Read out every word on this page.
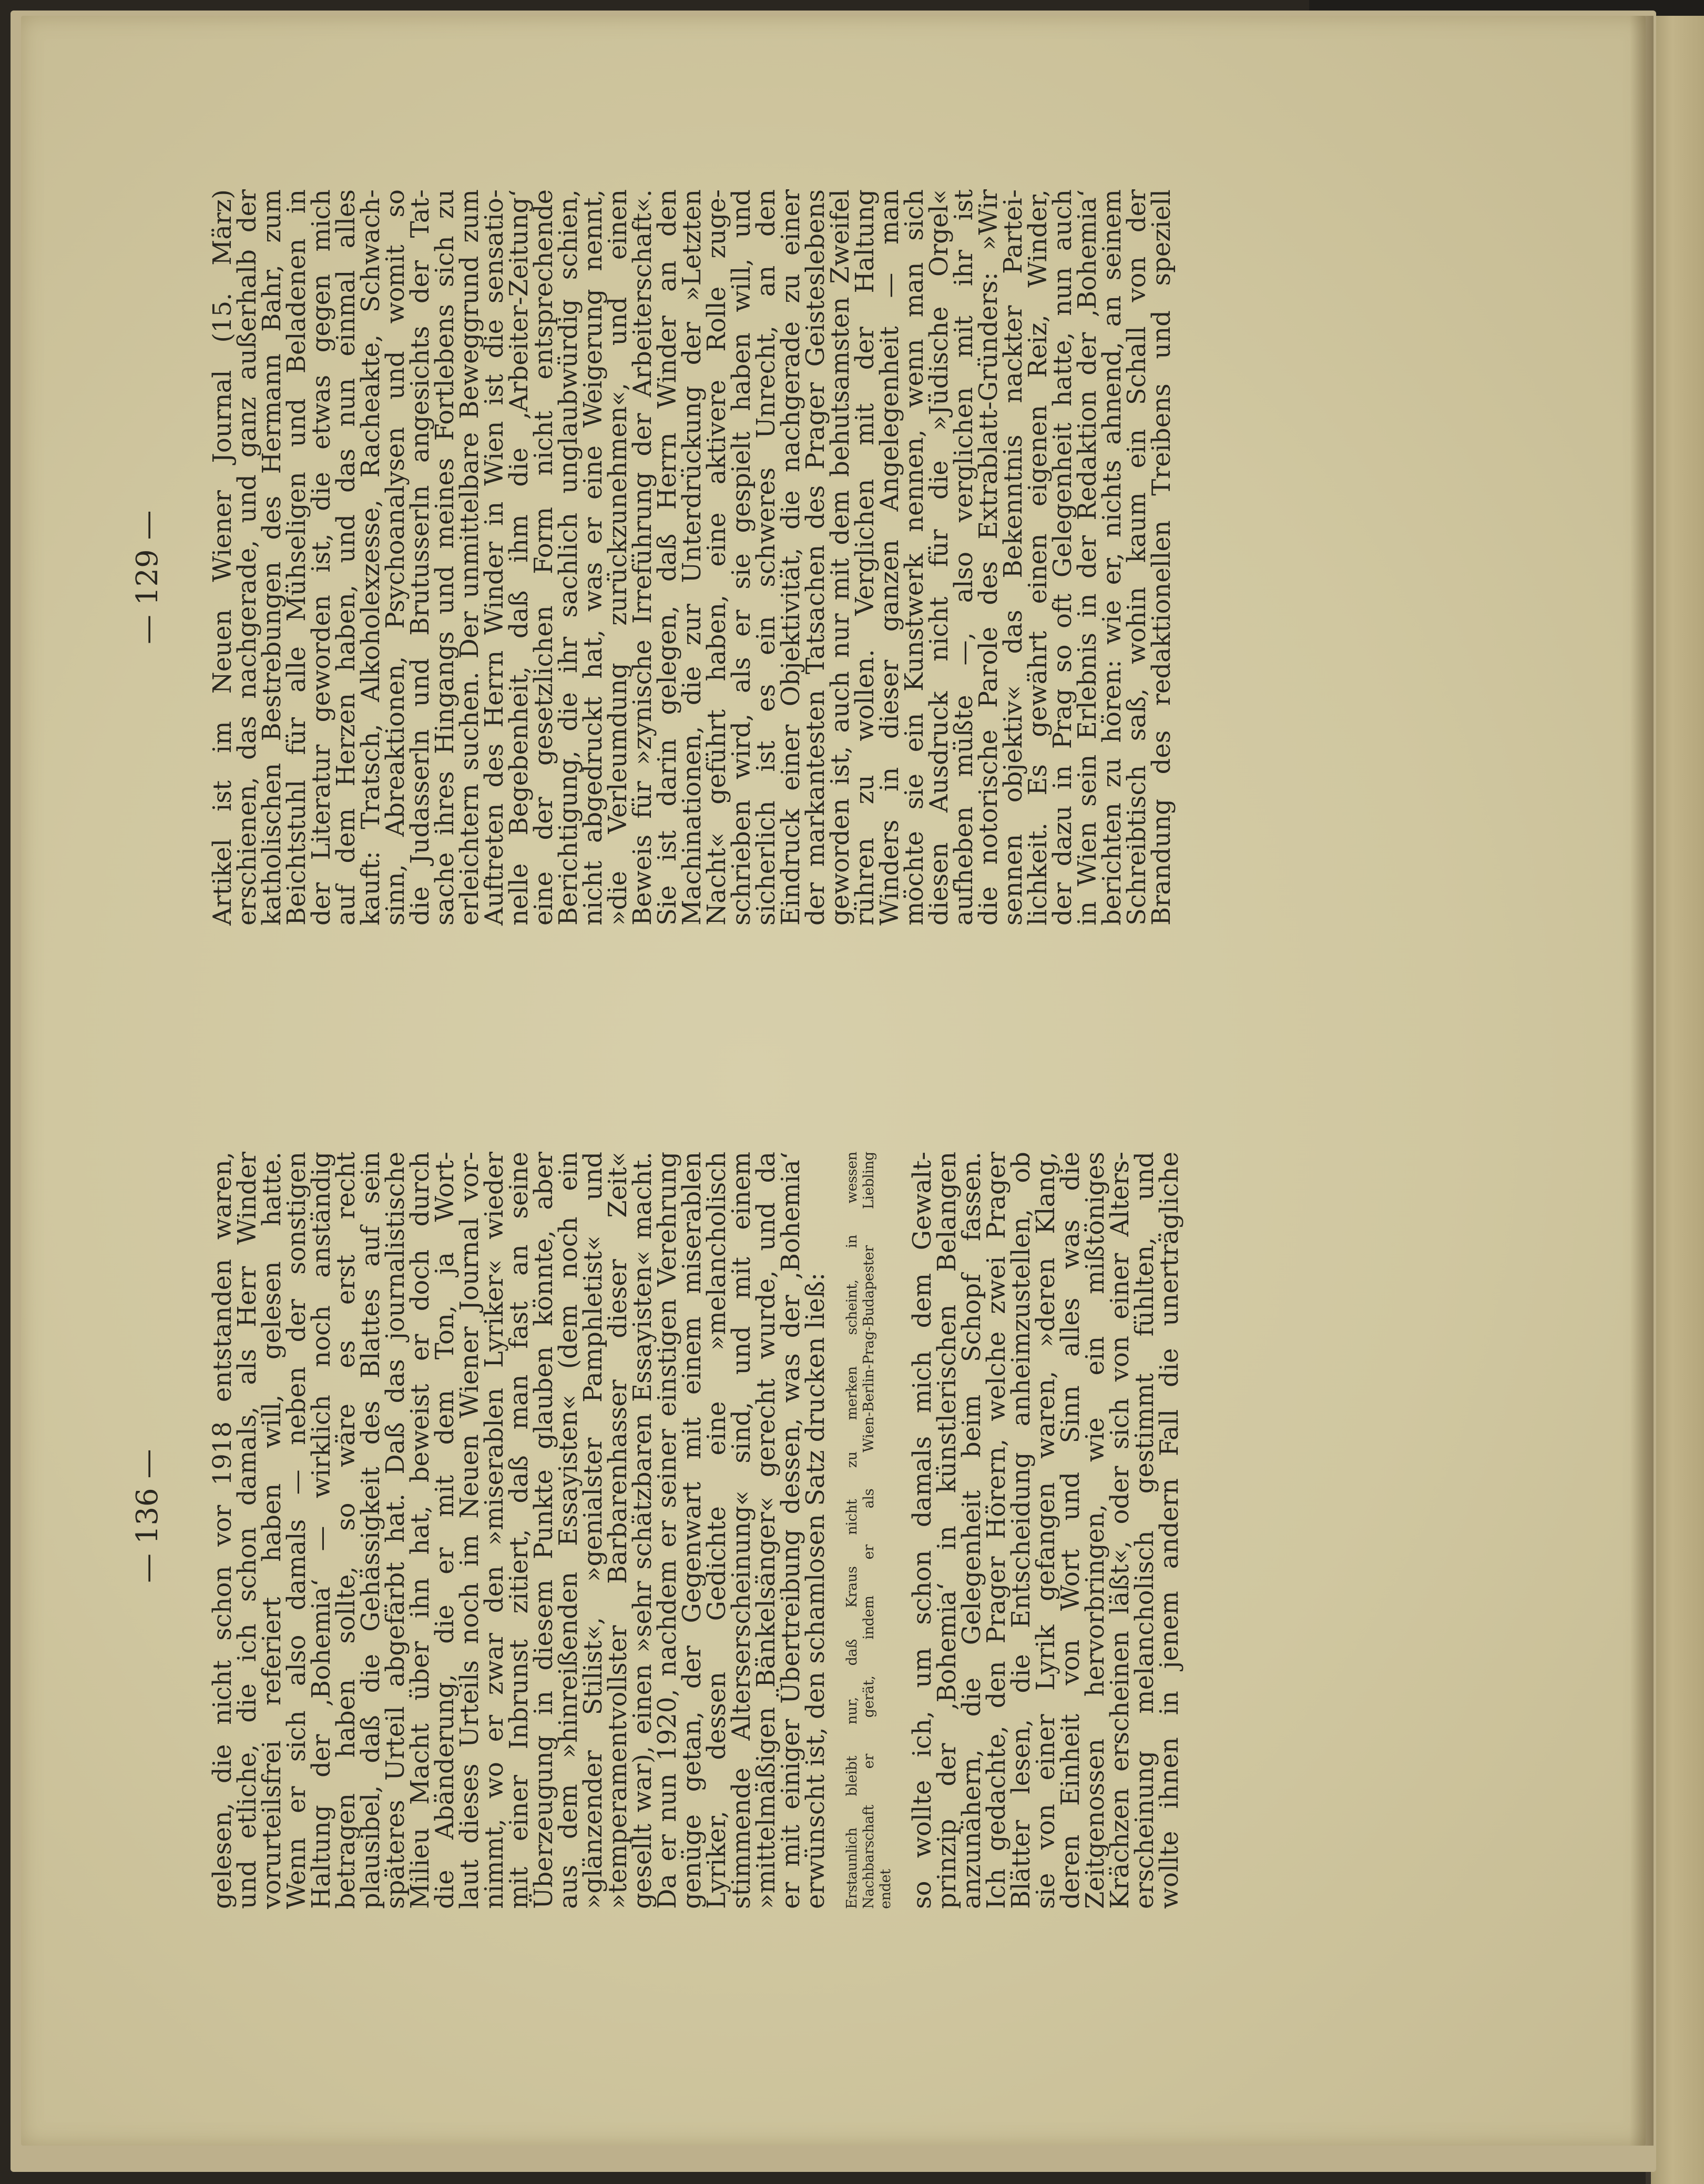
— 136 —
— 129 —
gelesen, die nicht schon vor 1918 entstanden waren,
und etliche, die ich schon damals, als Herr Winder
vorurteilsfrei referiert haben will, gelesen hatte.
Wenn er sich also damals — neben der sonstigen
Haltung der ‚Bohemia‘ — wirklich noch anständig
betragen haben sollte, so wäre es erst recht
plausibel, daß die Gehässigkeit des Blattes auf sein
späteres Urteil abgefärbt hat. Daß das journalistische
Milieu Macht über ihn hat, beweist er doch durch
die Abänderung, die er mit dem Ton, ja Wort-
laut dieses Urteils noch im Neuen Wiener Journal vor-
nimmt, wo er zwar den »miserablen Lyriker« wieder
mit einer Inbrunst zitiert, daß man fast an seine
Überzeugung in diesem Punkte glauben könnte, aber
aus dem »hinreißenden Essayisten« (dem noch ein
»glänzender Stilist«, »genialster Pamphletist« und
»temperamentvollster Barbarenhasser dieser Zeit«
gesellt war), einen »sehr schätzbaren Essayisten« macht.
Da er nun 1920, nachdem er seiner einstigen Verehrung
genüge getan, der Gegenwart mit einem miserablen
Lyriker, dessen Gedichte eine »melancholisch
stimmende Alterserscheinung« sind, und mit einem
»mittelmäßigen Bänkelsänger« gerecht wurde, und da
er mit einiger Übertreibung dessen, was der ‚Bohemia‘
erwünscht ist, den schamlosen Satz drucken ließ: Erstaunlich bleibt nur, daß Kraus nicht zu merken scheint, in wessen Nachbarschaft er gerät, indem er als Wien-Berlin-Prag-Budapester Liebling endet so wollte ich, um schon damals mich dem Gewalt-
prinzip der ‚Bohemia‘ in künstlerischen Belangen
anzunähern, die Gelegenheit beim Schopf fassen.
Ich gedachte, den Prager Hörern, welche zwei Prager
Blätter lesen, die Entscheidung anheimzustellen, ob
sie von einer Lyrik gefangen waren, »deren Klang,
deren Einheit von Wort und Sinn alles was die
Zeitgenossen hervorbringen, wie ein mißtöniges
Krächzen erscheinen läßt«, oder sich von einer Alters-
erscheinung melancholisch gestimmt fühlten, und
wollte ihnen in jenem andern Fall die unerträgliche
Artikel ist im Neuen Wiener Journal (15. März)
erschienen, das nachgerade, und ganz außerhalb der
katholischen Bestrebungen des Hermann Bahr, zum
Beichtstuhl für alle Mühseligen und Beladenen in
der Literatur geworden ist, die etwas gegen mich
auf dem Herzen haben, und das nun einmal alles
kauft: Tratsch, Alkoholexzesse, Racheakte, Schwach-
sinn, Abreaktionen, Psychoanalysen und womit so
die Judasserln und Brutusserln angesichts der Tat-
sache ihres Hingangs und meines Fortlebens sich zu
erleichtern suchen. Der unmittelbare Beweggrund zum
Auftreten des Herrn Winder in Wien ist die sensatio-
nelle Begebenheit, daß ihm die ‚Arbeiter-Zeitung‘
eine der gesetzlichen Form nicht entsprechende
Berichtigung, die ihr sachlich unglaubwürdig schien,
nicht abgedruckt hat, was er eine Weigerung nennt,
»die Verleumdung zurückzunehmen«, und einen
Beweis für »zynische Irreführung der Arbeiterschaft«.
Sie ist darin gelegen, daß Herrn Winder an den
Machinationen, die zur Unterdrückung der »Letzten
Nacht« geführt haben, eine aktivere Rolle zuge-
schrieben wird, als er sie gespielt haben will, und
sicherlich ist es ein schweres Unrecht, an den
Eindruck einer Objektivität, die nachgerade zu einer
der markantesten Tatsachen des Prager Geisteslebens
geworden ist, auch nur mit dem behutsamsten Zweifel
rühren zu wollen. Verglichen mit der Haltung
Winders in dieser ganzen Angelegenheit — man
möchte sie ein Kunstwerk nennen, wenn man sich
diesen Ausdruck nicht für die »Jüdische Orgel«
aufheben müßte —, also verglichen mit ihr ist
die notorische Parole des Extrablatt-Gründers: »Wir
sennen objektiv« das Bekenntnis nackter Partei-
lichkeit. Es gewährt einen eigenen Reiz, Winder,
der dazu in Prag so oft Gelegenheit hatte, nun auch
in Wien sein Erlebnis in der Redaktion der ‚Bohemia‘
berichten zu hören: wie er, nichts ahnend, an seinem
Schreibtisch saß, wohin kaum ein Schall von der
Brandung des redaktionellen Treibens und speziell
